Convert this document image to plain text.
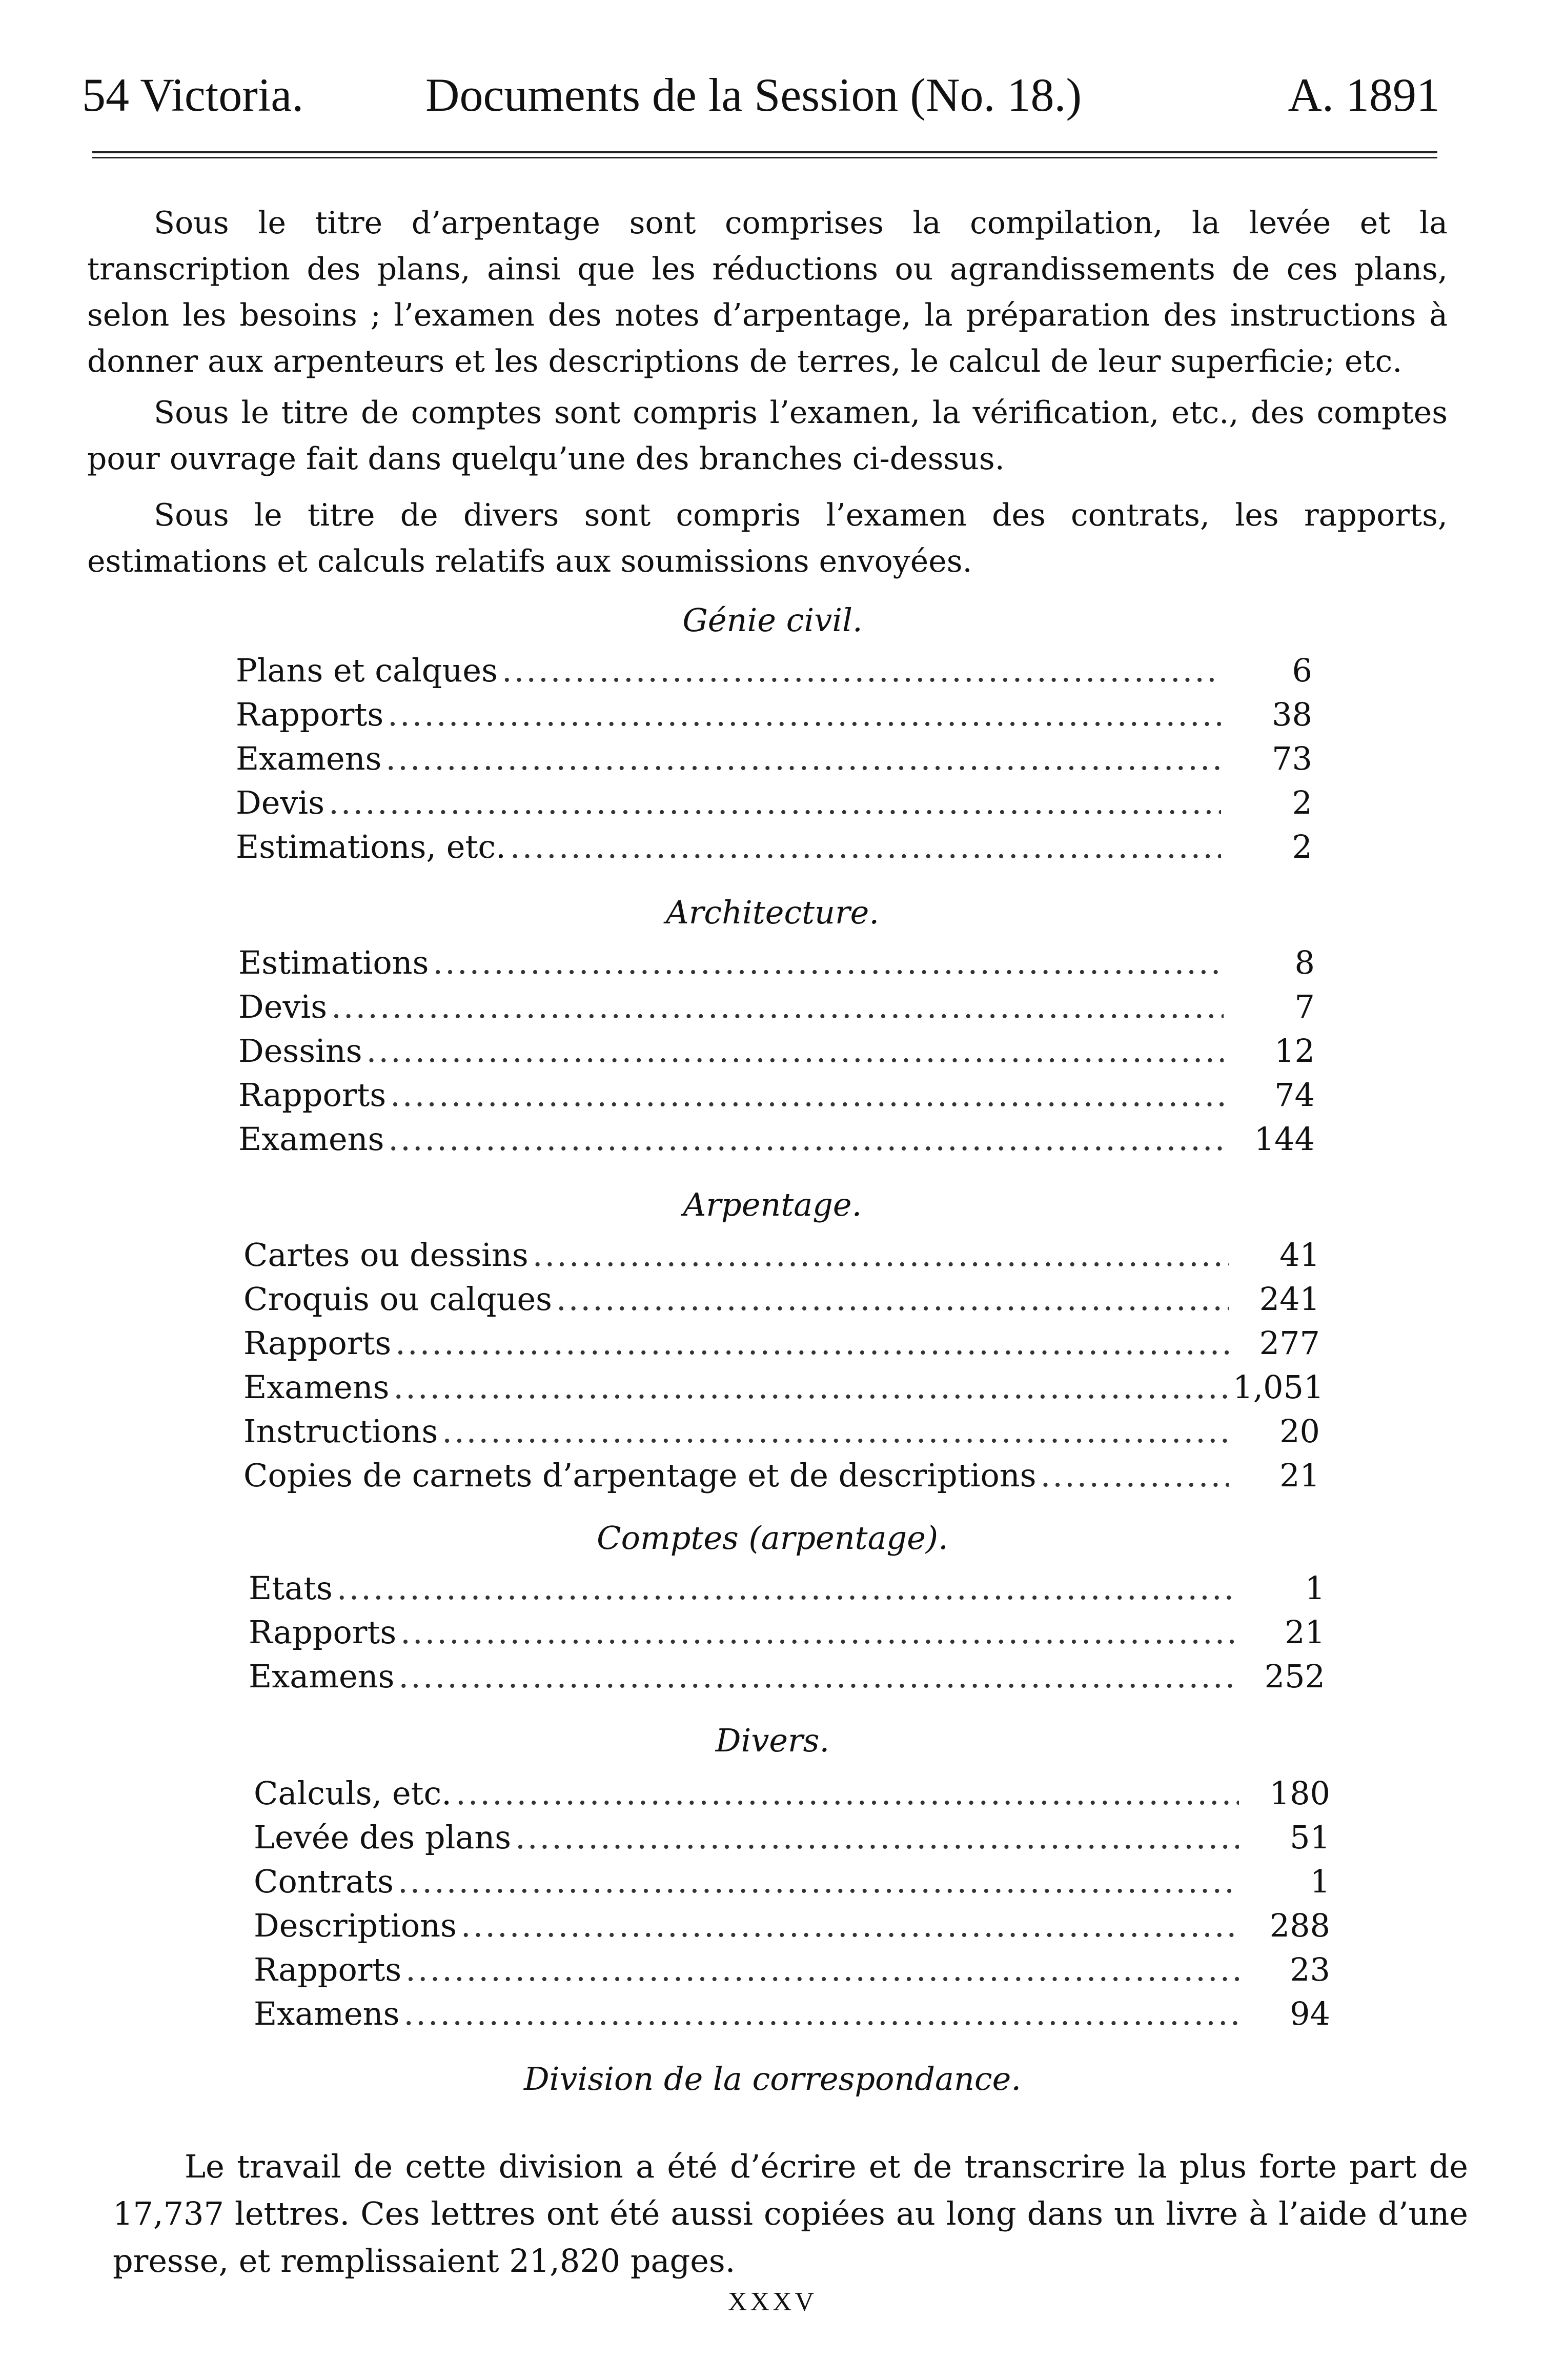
54 Victoria.	Documents de la Session (No. 18.)	A. 1891

Sous le titre d’arpentage sont comprises la compilation, la levée et la transcription des plans, ainsi que les réductions ou agrandissements de ces plans, selon les besoins ; l’examen des notes d’arpentage, la préparation des instructions à donner aux arpenteurs et les descriptions de terres, le calcul de leur superficie; etc.

Sous le titre de comptes sont compris l’examen, la vérification, etc., des comptes pour ouvrage fait dans quelqu’une des branches ci-dessus.

Sous le titre de divers sont compris l’examen des contrats, les rapports, estimations et calculs relatifs aux soumissions envoyées.

Génie civil.
Plans et calques .....	6
Rapports .....	38
Examens .....	73
Devis .....	2
Estimations, etc. .....	2
Architecture.
Estimations .....	8
Devis .....	7
Dessins .....	12
Rapports .....	74
Examens .....	144
Arpentage.
Cartes ou dessins .....	41
Croquis ou calques .....	241
Rapports .....	277
Examens .....	1,051
Instructions .....	20
Copies de carnets d’arpentage et de descriptions .....	21
Comptes (arpentage).
Etats .....	1
Rapports .....	21
Examens .....	252
Divers.
Calculs, etc. .....	180
Levée des plans .....	51
Contrats .....	1
Descriptions .....	288
Rapports .....	23
Examens .....	94
Division de la correspondance.

Le travail de cette division a été d’écrire et de transcrire la plus forte part de 17,737 lettres. Ces lettres ont été aussi copiées au long dans un livre à l’aide d’une presse, et remplissaient 21,820 pages.

XXXV
